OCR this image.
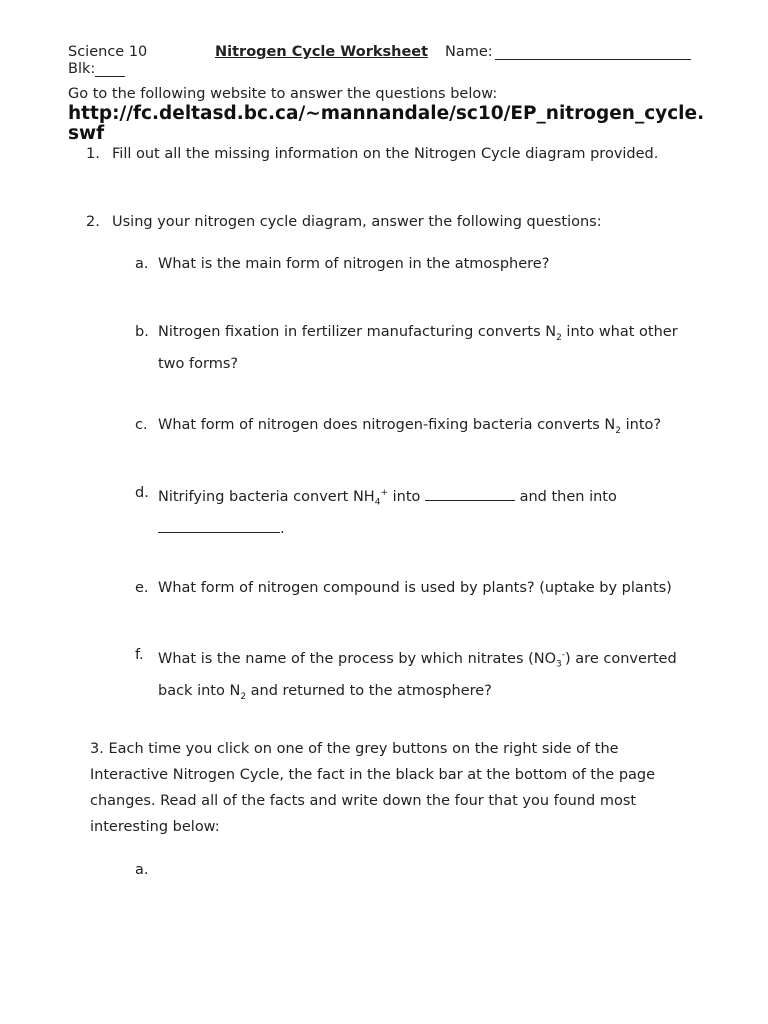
Science 10	Nitrogen Cycle Worksheet Name:
Blk:
Go to the following website to answer the questions below:
http://fc.deltasd.bc.ca/~mannandale/sc10/EP_nitrogen_cycle.swf
1. Fill out all the missing information on the Nitrogen Cycle diagram provided.
2. Using your nitrogen cycle diagram, answer the following questions:
a. What is the main form of nitrogen in the atmosphere?
b. Nitrogen fixation in fertilizer manufacturing converts $N_2$ into what other
two forms?
c. What form of nitrogen does nitrogen-fixing bacteria converts $N_2$ into?
d. Nitrifying bacteria convert $NH_4^+$ into	and then into
.
e. What form of nitrogen compound is used by plants? (uptake by plants)
f. What is the name of the process by which nitrates $(NO_3^-)$ are converted
back into $N_2$ and returned to the atmosphere?
3. Each time you click on one of the grey buttons on the right side of the
Interactive Nitrogen Cycle, the fact in the black bar at the bottom of the page
changes. Read all of the facts and write down the four that you found most
interesting below:
a.
